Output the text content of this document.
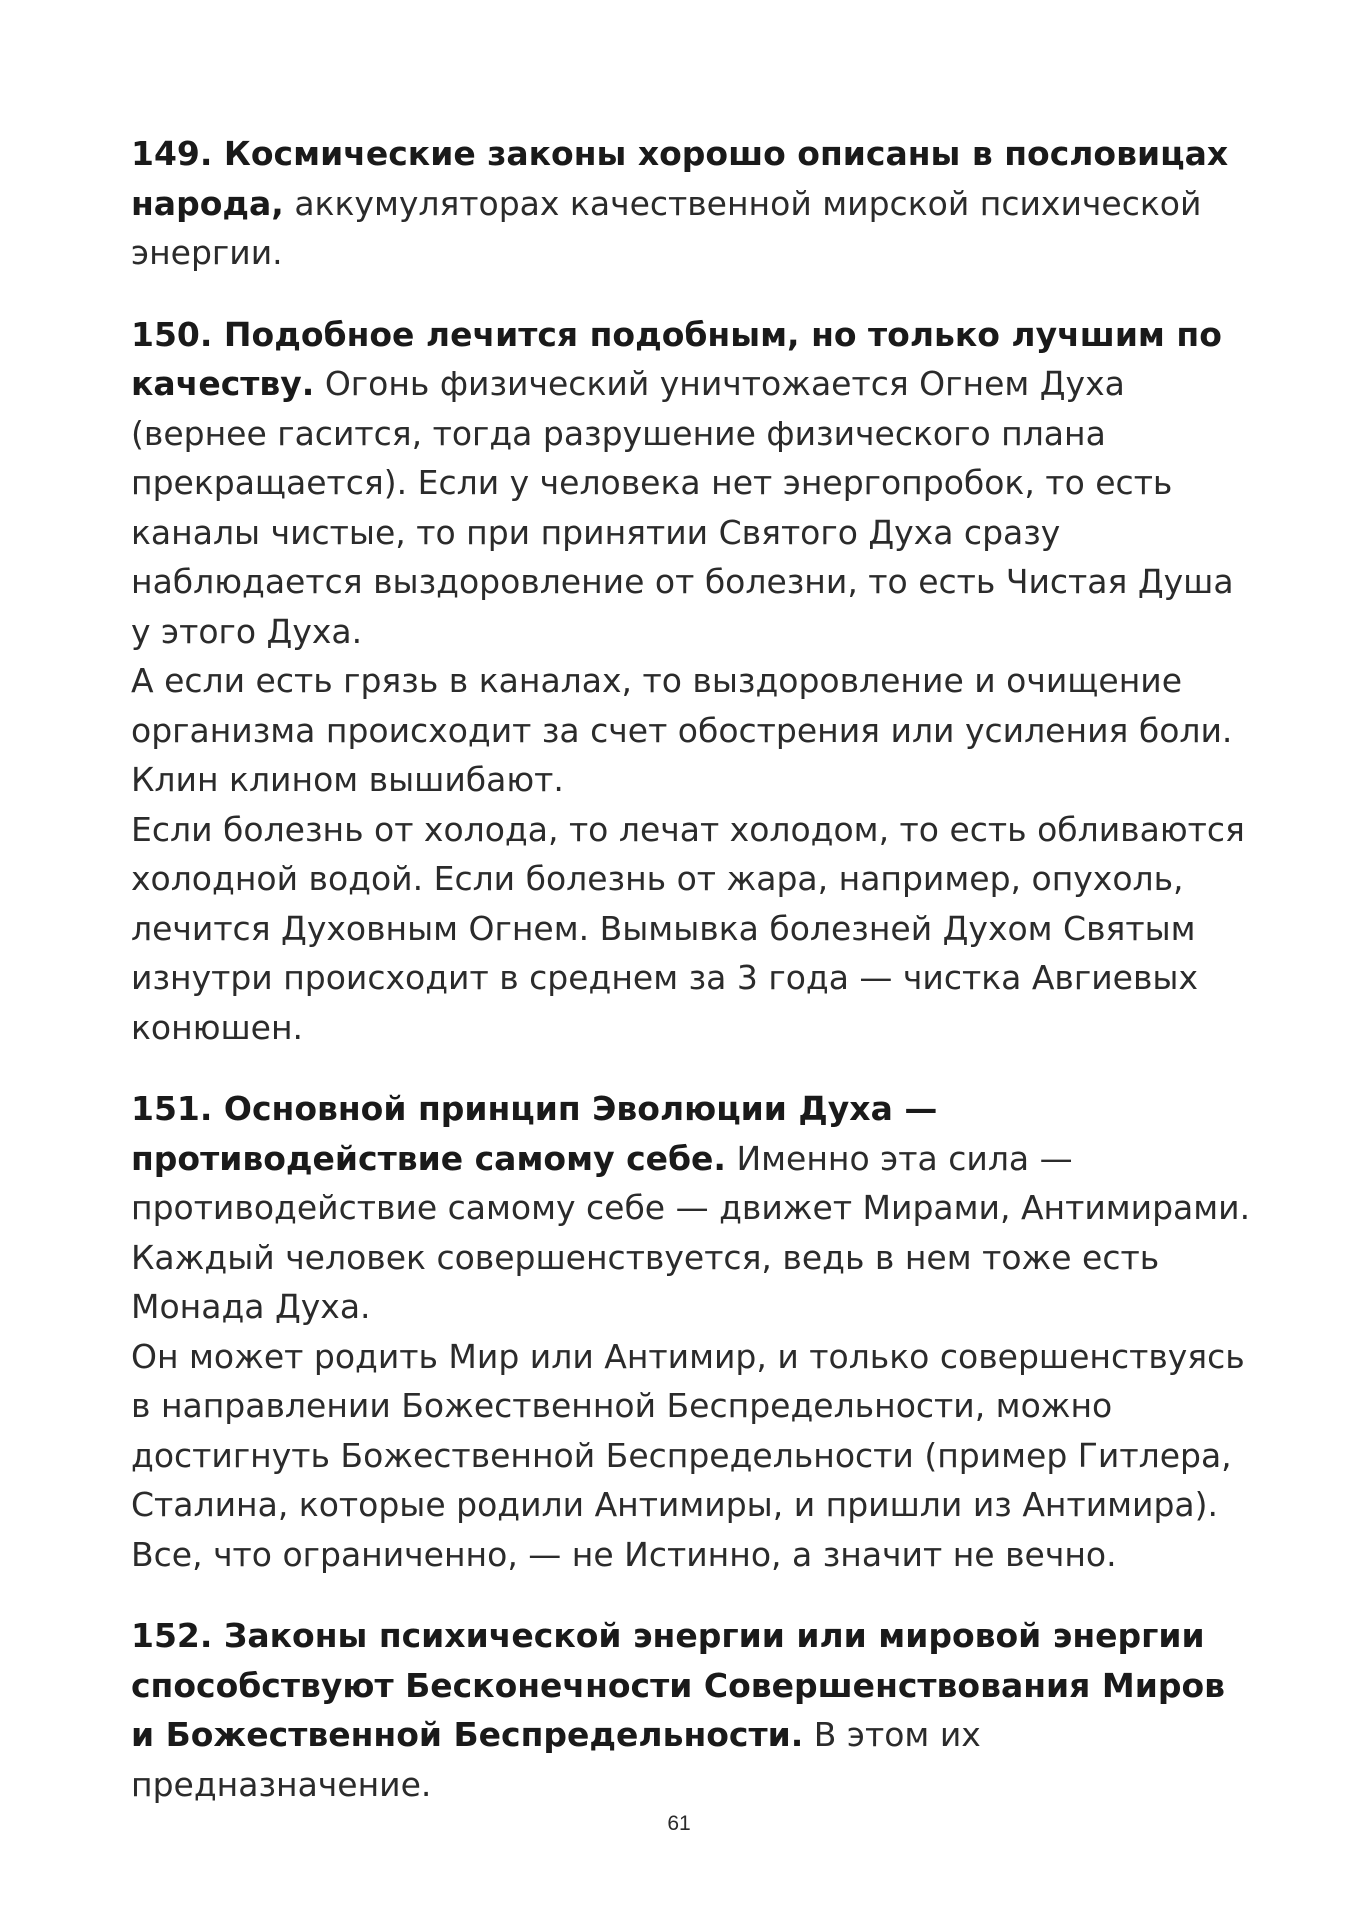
149. Космические законы хорошо описаны в пословицах народа, аккумуляторах качественной мирской психической энергии.

150. Подобное лечится подобным, но только лучшим по качеству. Огонь физический уничтожается Огнем Духа (вернее гасится, тогда разрушение физического плана прекращается). Если у человека нет энергопробок, то есть каналы чистые, то при принятии Святого Духа сразу наблюдается выздоровление от болезни, то есть Чистая Душа у этого Духа.

А если есть грязь в каналах, то выздоровление и очищение организма происходит за счет обострения или усиления боли. Клин клином вышибают.

Если болезнь от холода, то лечат холодом, то есть обливаются холодной водой. Если болезнь от жара, например, опухоль, лечится Духовным Огнем. Вымывка болезней Духом Святым изнутри происходит в среднем за 3 года — чистка Авгиевых конюшен.

151. Основной принцип Эволюции Духа — противодействие самому себе. Именно эта сила — противодействие самому себе — движет Мирами, Антимирами. Каждый человек совершенствуется, ведь в нем тоже есть Монада Духа.

Он может родить Мир или Антимир, и только совершенствуясь в направлении Божественной Беспредельности, можно достигнуть Божественной Беспредельности (пример Гитлера, Сталина, которые родили Антимиры, и пришли из Антимира).

Все, что ограниченно, — не Истинно, а значит не вечно.

152. Законы психической энергии или мировой энергии способствуют Бесконечности Совершенствования Миров и Божественной Беспредельности. В этом их предназначение.

61
